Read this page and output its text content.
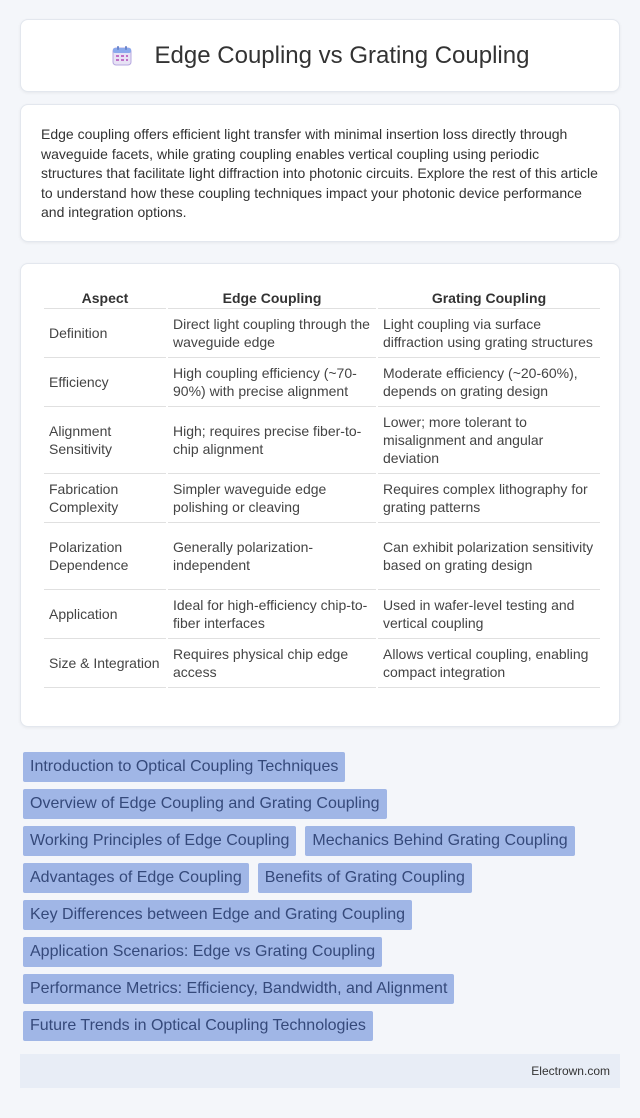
Edge Coupling vs Grating Coupling

Edge coupling offers efficient light transfer with minimal insertion loss directly through waveguide facets, while grating coupling enables vertical coupling using periodic structures that facilitate light diffraction into photonic circuits. Explore the rest of this article to understand how these coupling techniques impact your photonic device performance and integration options.

Aspect	Edge Coupling	Grating Coupling
Definition	Direct light coupling through the waveguide edge	Light coupling via surface diffraction using grating structures
Efficiency	High coupling efficiency (~70-90%) with precise alignment	Moderate efficiency (~20-60%), depends on grating design
Alignment Sensitivity	High; requires precise fiber-to-chip alignment	Lower; more tolerant to misalignment and angular deviation
Fabrication Complexity	Simpler waveguide edge polishing or cleaving	Requires complex lithography for grating patterns
Polarization Dependence	Generally polarization-independent	Can exhibit polarization sensitivity based on grating design
Application	Ideal for high-efficiency chip-to-fiber interfaces	Used in wafer-level testing and vertical coupling
Size & Integration	Requires physical chip edge access	Allows vertical coupling, enabling compact integration
Introduction to Optical Coupling Techniques
Overview of Edge Coupling and Grating Coupling
Working Principles of Edge Coupling	Mechanics Behind Grating Coupling
Advantages of Edge Coupling	Benefits of Grating Coupling
Key Differences between Edge and Grating Coupling
Application Scenarios: Edge vs Grating Coupling
Performance Metrics: Efficiency, Bandwidth, and Alignment
Future Trends in Optical Coupling Technologies
Electrown.com
